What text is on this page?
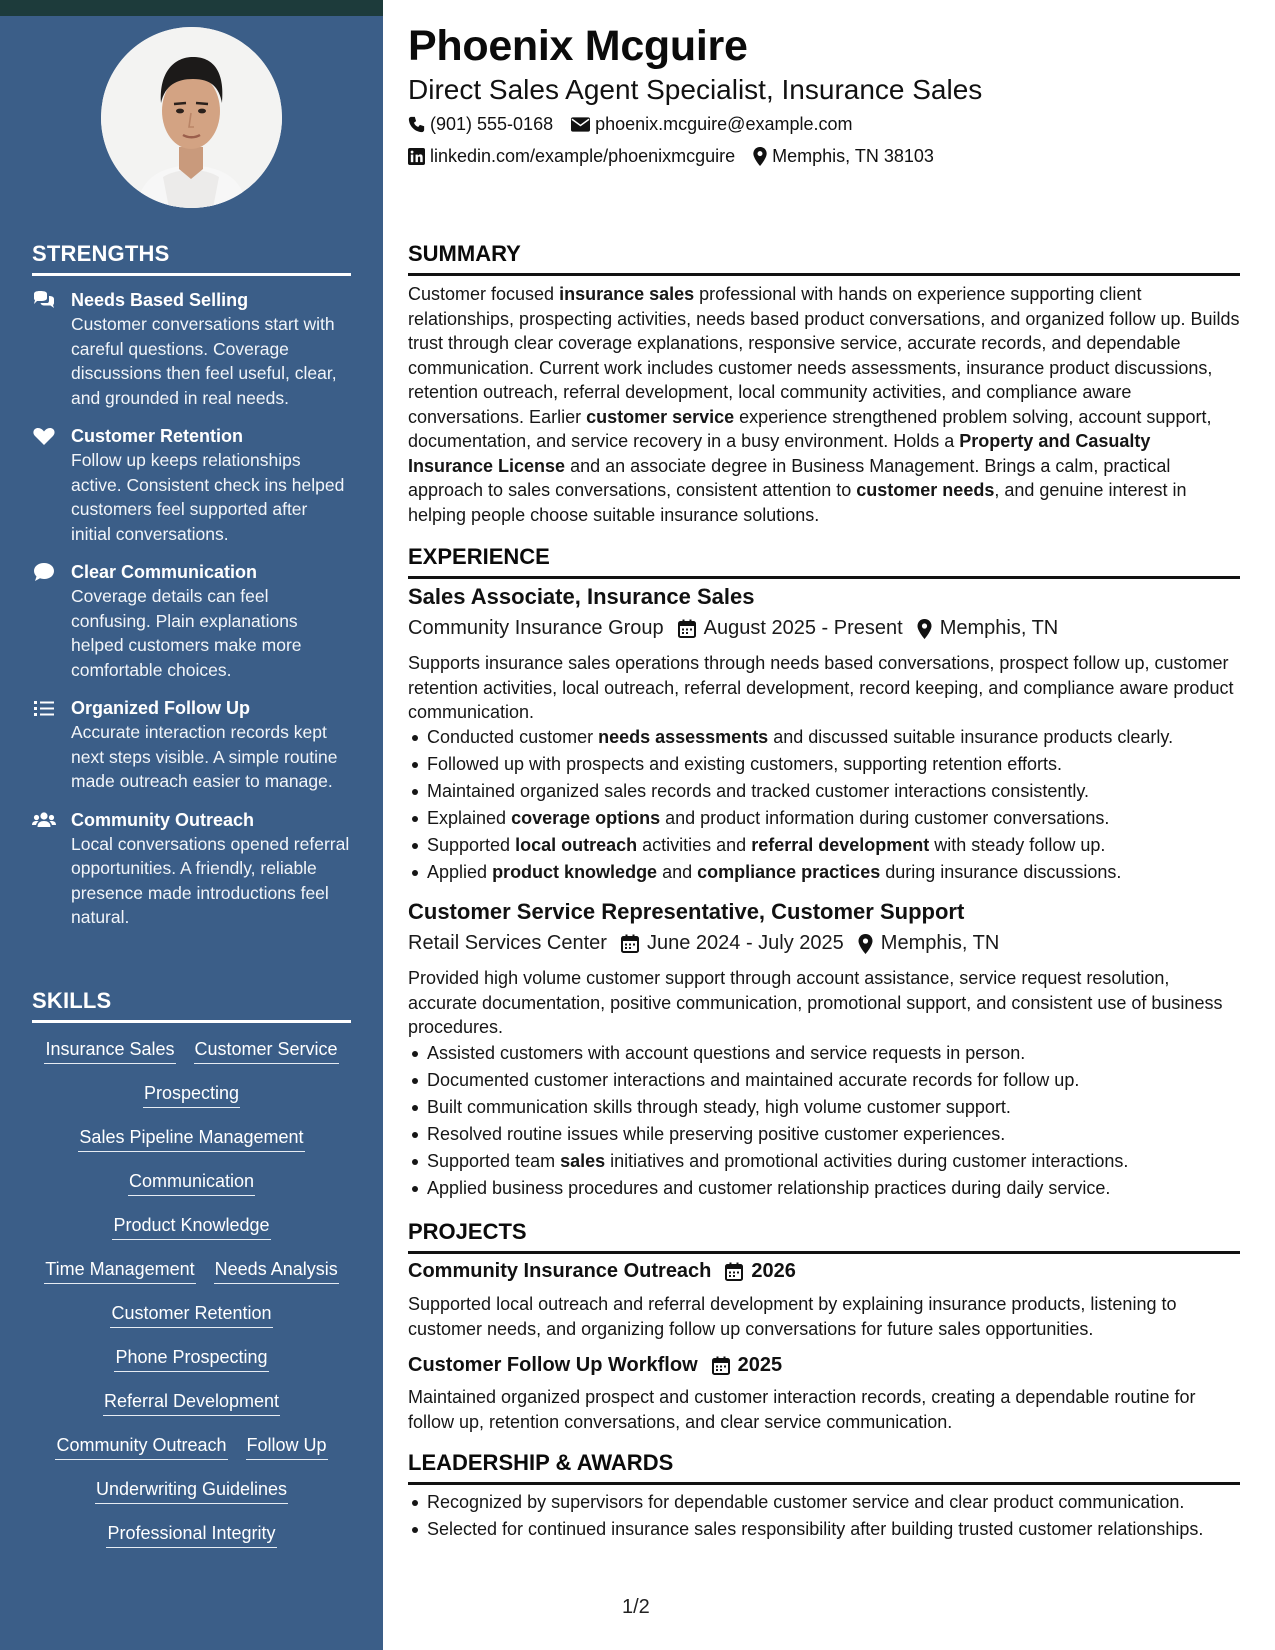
STRENGTHS
Needs Based Selling
Customer conversations start with careful questions. Coverage discussions then feel useful, clear, and grounded in real needs.
Customer Retention
Follow up keeps relationships active. Consistent check ins helped customers feel supported after initial conversations.
Clear Communication
Coverage details can feel confusing. Plain explanations helped customers make more comfortable choices.
Organized Follow Up
Accurate interaction records kept next steps visible. A simple routine made outreach easier to manage.
Community Outreach
Local conversations opened referral opportunities. A friendly, reliable presence made introductions feel natural.
SKILLS
Insurance Sales Customer Service
Prospecting
Sales Pipeline Management
Communication
Product Knowledge
Time Management Needs Analysis
Customer Retention
Phone Prospecting
Referral Development
Community Outreach Follow Up
Underwriting Guidelines
Professional Integrity
Phoenix Mcguire
Direct Sales Agent Specialist, Insurance Sales
(901) 555-0168 phoenix.mcguire@example.com
linkedin.com/example/phoenixmcguire Memphis, TN 38103
SUMMARY
Customer focused insurance sales professional with hands on experience supporting client relationships, prospecting activities, needs based product conversations, and organized follow up. Builds trust through clear coverage explanations, responsive service, accurate records, and dependable communication. Current work includes customer needs assessments, insurance product discussions, retention outreach, referral development, local community activities, and compliance aware conversations. Earlier customer service experience strengthened problem solving, account support, documentation, and service recovery in a busy environment. Holds a Property and Casualty Insurance License and an associate degree in Business Management. Brings a calm, practical approach to sales conversations, consistent attention to customer needs, and genuine interest in helping people choose suitable insurance solutions.
EXPERIENCE
Sales Associate, Insurance Sales
Community Insurance Group August 2025 - Present Memphis, TN
Supports insurance sales operations through needs based conversations, prospect follow up, customer retention activities, local outreach, referral development, record keeping, and compliance aware product communication.
Conducted customer needs assessments and discussed suitable insurance products clearly.
Followed up with prospects and existing customers, supporting retention efforts.
Maintained organized sales records and tracked customer interactions consistently.
Explained coverage options and product information during customer conversations.
Supported local outreach activities and referral development with steady follow up.
Applied product knowledge and compliance practices during insurance discussions.
Customer Service Representative, Customer Support
Retail Services Center June 2024 - July 2025 Memphis, TN
Provided high volume customer support through account assistance, service request resolution, accurate documentation, positive communication, promotional support, and consistent use of business procedures.
Assisted customers with account questions and service requests in person.
Documented customer interactions and maintained accurate records for follow up.
Built communication skills through steady, high volume customer support.
Resolved routine issues while preserving positive customer experiences.
Supported team sales initiatives and promotional activities during customer interactions.
Applied business procedures and customer relationship practices during daily service.
PROJECTS
Community Insurance Outreach 2026
Supported local outreach and referral development by explaining insurance products, listening to customer needs, and organizing follow up conversations for future sales opportunities.
Customer Follow Up Workflow 2025
Maintained organized prospect and customer interaction records, creating a dependable routine for follow up, retention conversations, and clear service communication.
LEADERSHIP & AWARDS
Recognized by supervisors for dependable customer service and clear product communication.
Selected for continued insurance sales responsibility after building trusted customer relationships.
1/2
